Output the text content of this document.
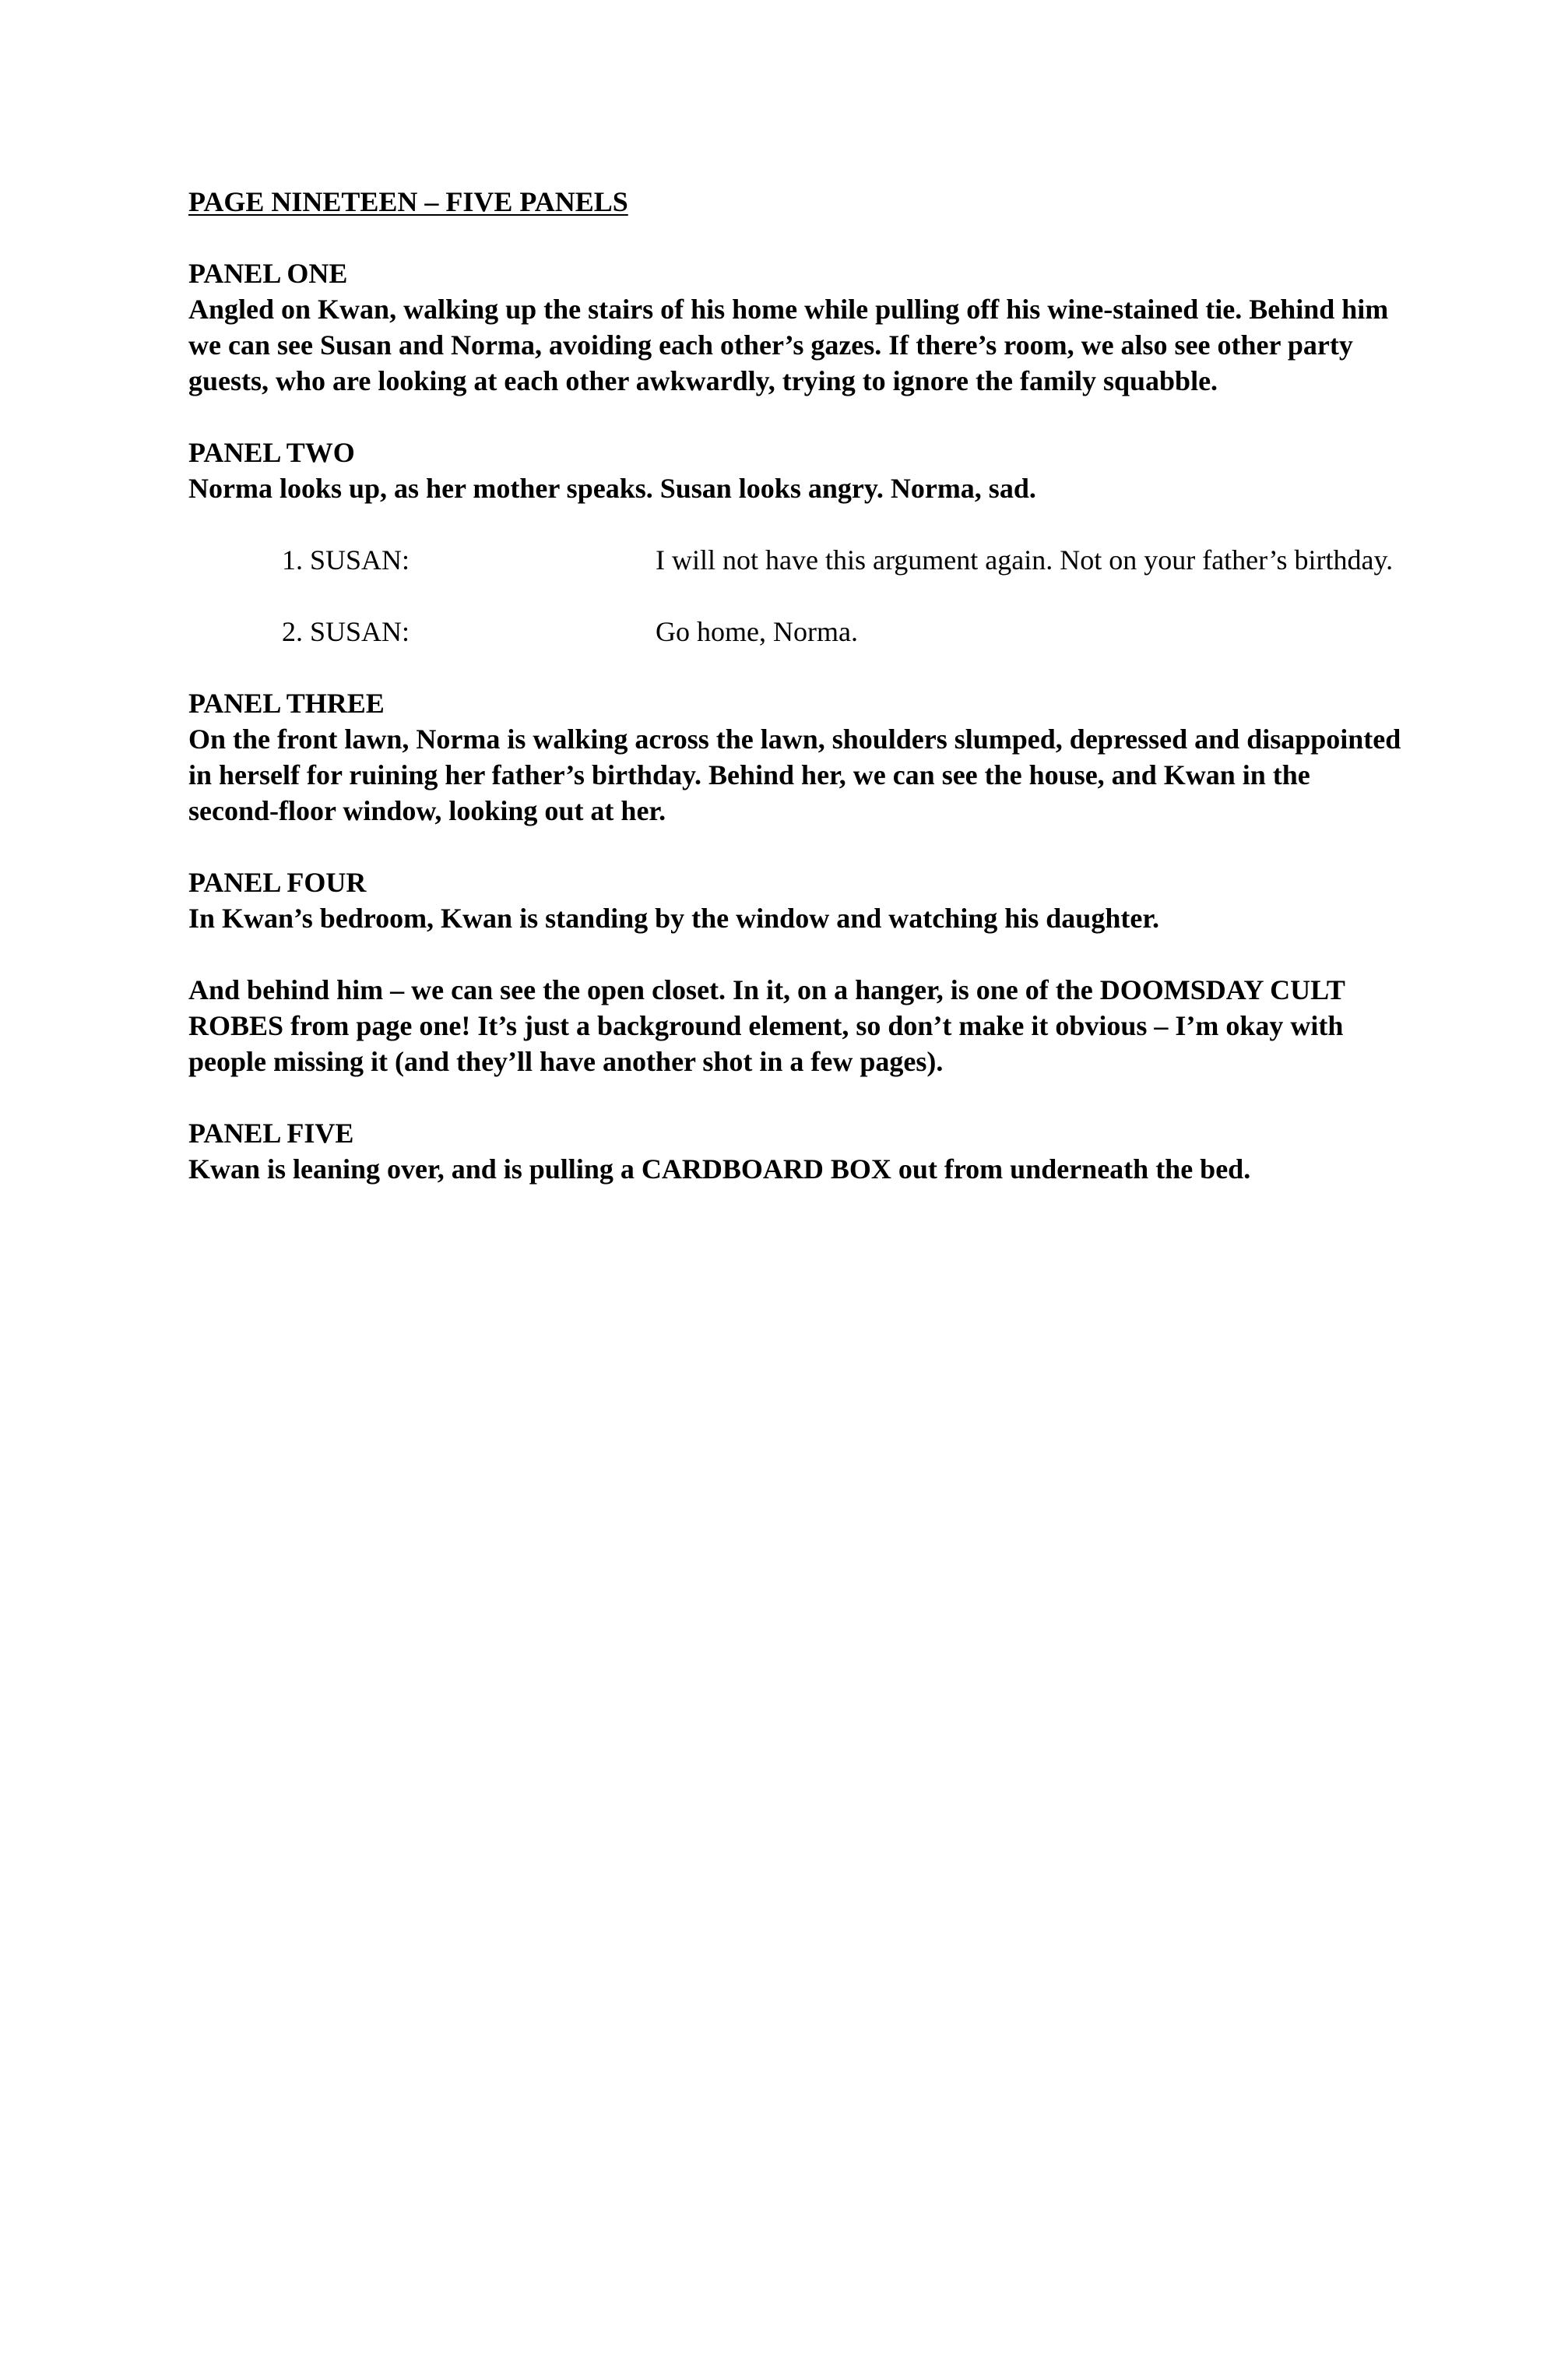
PAGE NINETEEN – FIVE PANELS
PANEL ONE

Angled on Kwan, walking up the stairs of his home while pulling off his wine-stained tie. Behind him we can see Susan and Norma, avoiding each other’s gazes. If there’s room, we also see other party guests, who are looking at each other awkwardly, trying to ignore the family squabble.

PANEL TWO

Norma looks up, as her mother speaks. Susan looks angry. Norma, sad.

1. SUSAN:	I will not have this argument again. Not on your father’s birthday.
2. SUSAN:	Go home, Norma.
PANEL THREE

On the front lawn, Norma is walking across the lawn, shoulders slumped, depressed and disappointed in herself for ruining her father’s birthday. Behind her, we can see the house, and Kwan in the second-floor window, looking out at her.

PANEL FOUR

In Kwan’s bedroom, Kwan is standing by the window and watching his daughter.

And behind him – we can see the open closet. In it, on a hanger, is one of the DOOMSDAY CULT ROBES from page one! It’s just a background element, so don’t make it obvious – I’m okay with people missing it (and they’ll have another shot in a few pages).

PANEL FIVE

Kwan is leaning over, and is pulling a CARDBOARD BOX out from underneath the bed.
